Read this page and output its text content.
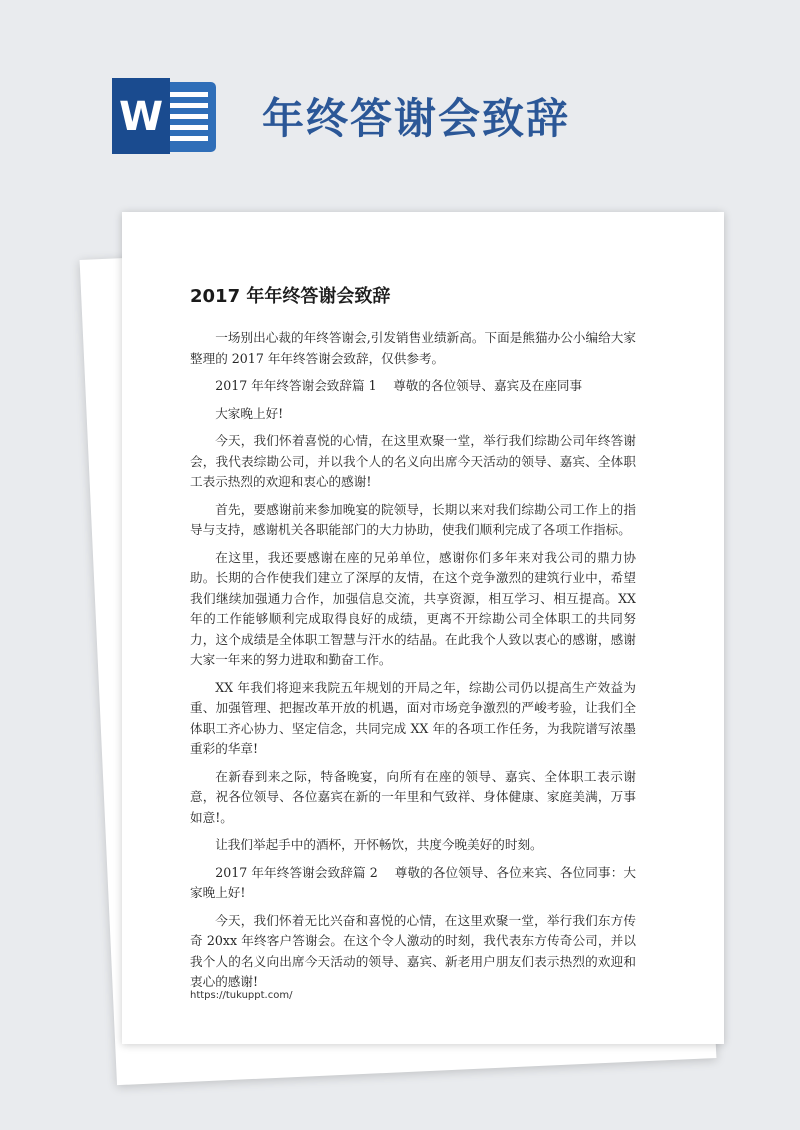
W 年终答谢会致辞
2017 年年终答谢会致辞

一场别出心裁的年终答谢会,引发销售业绩新高。下面是熊猫办公小编给大家整理的 2017 年年终答谢会致辞，仅供参考。

2017 年年终答谢会致辞篇 1　 尊敬的各位领导、嘉宾及在座同事

大家晚上好!

今天，我们怀着喜悦的心情，在这里欢聚一堂，举行我们综勘公司年终答谢会，我代表综勘公司，并以我个人的名义向出席今天活动的领导、嘉宾、全体职工表示热烈的欢迎和衷心的感谢!

首先，要感谢前来参加晚宴的院领导，长期以来对我们综勘公司工作上的指导与支持，感谢机关各职能部门的大力协助，使我们顺利完成了各项工作指标。

在这里，我还要感谢在座的兄弟单位，感谢你们多年来对我公司的鼎力协助。长期的合作使我们建立了深厚的友情，在这个竞争激烈的建筑行业中，希望我们继续加强通力合作，加强信息交流，共享资源，相互学习、相互提高。XX 年的工作能够顺利完成取得良好的成绩，更离不开综勘公司全体职工的共同努力，这个成绩是全体职工智慧与汗水的结晶。在此我个人致以衷心的感谢，感谢大家一年来的努力进取和勤奋工作。

XX 年我们将迎来我院五年规划的开局之年，综勘公司仍以提高生产效益为重、加强管理、把握改革开放的机遇，面对市场竞争激烈的严峻考验，让我们全体职工齐心协力、坚定信念，共同完成 XX 年的各项工作任务，为我院谱写浓墨重彩的华章!

在新春到来之际，特备晚宴，向所有在座的领导、嘉宾、全体职工表示谢意，祝各位领导、各位嘉宾在新的一年里和气致祥、身体健康、家庭美满，万事如意!。

让我们举起手中的酒杯，开怀畅饮，共度今晚美好的时刻。

2017 年年终答谢会致辞篇 2　 尊敬的各位领导、各位来宾、各位同事：大家晚上好!

今天，我们怀着无比兴奋和喜悦的心情，在这里欢聚一堂，举行我们东方传奇 20xx 年终客户答谢会。在这个令人激动的时刻，我代表东方传奇公司，并以我个人的名义向出席今天活动的领导、嘉宾、新老用户朋友们表示热烈的欢迎和衷心的感谢!

https://tukuppt.com/
